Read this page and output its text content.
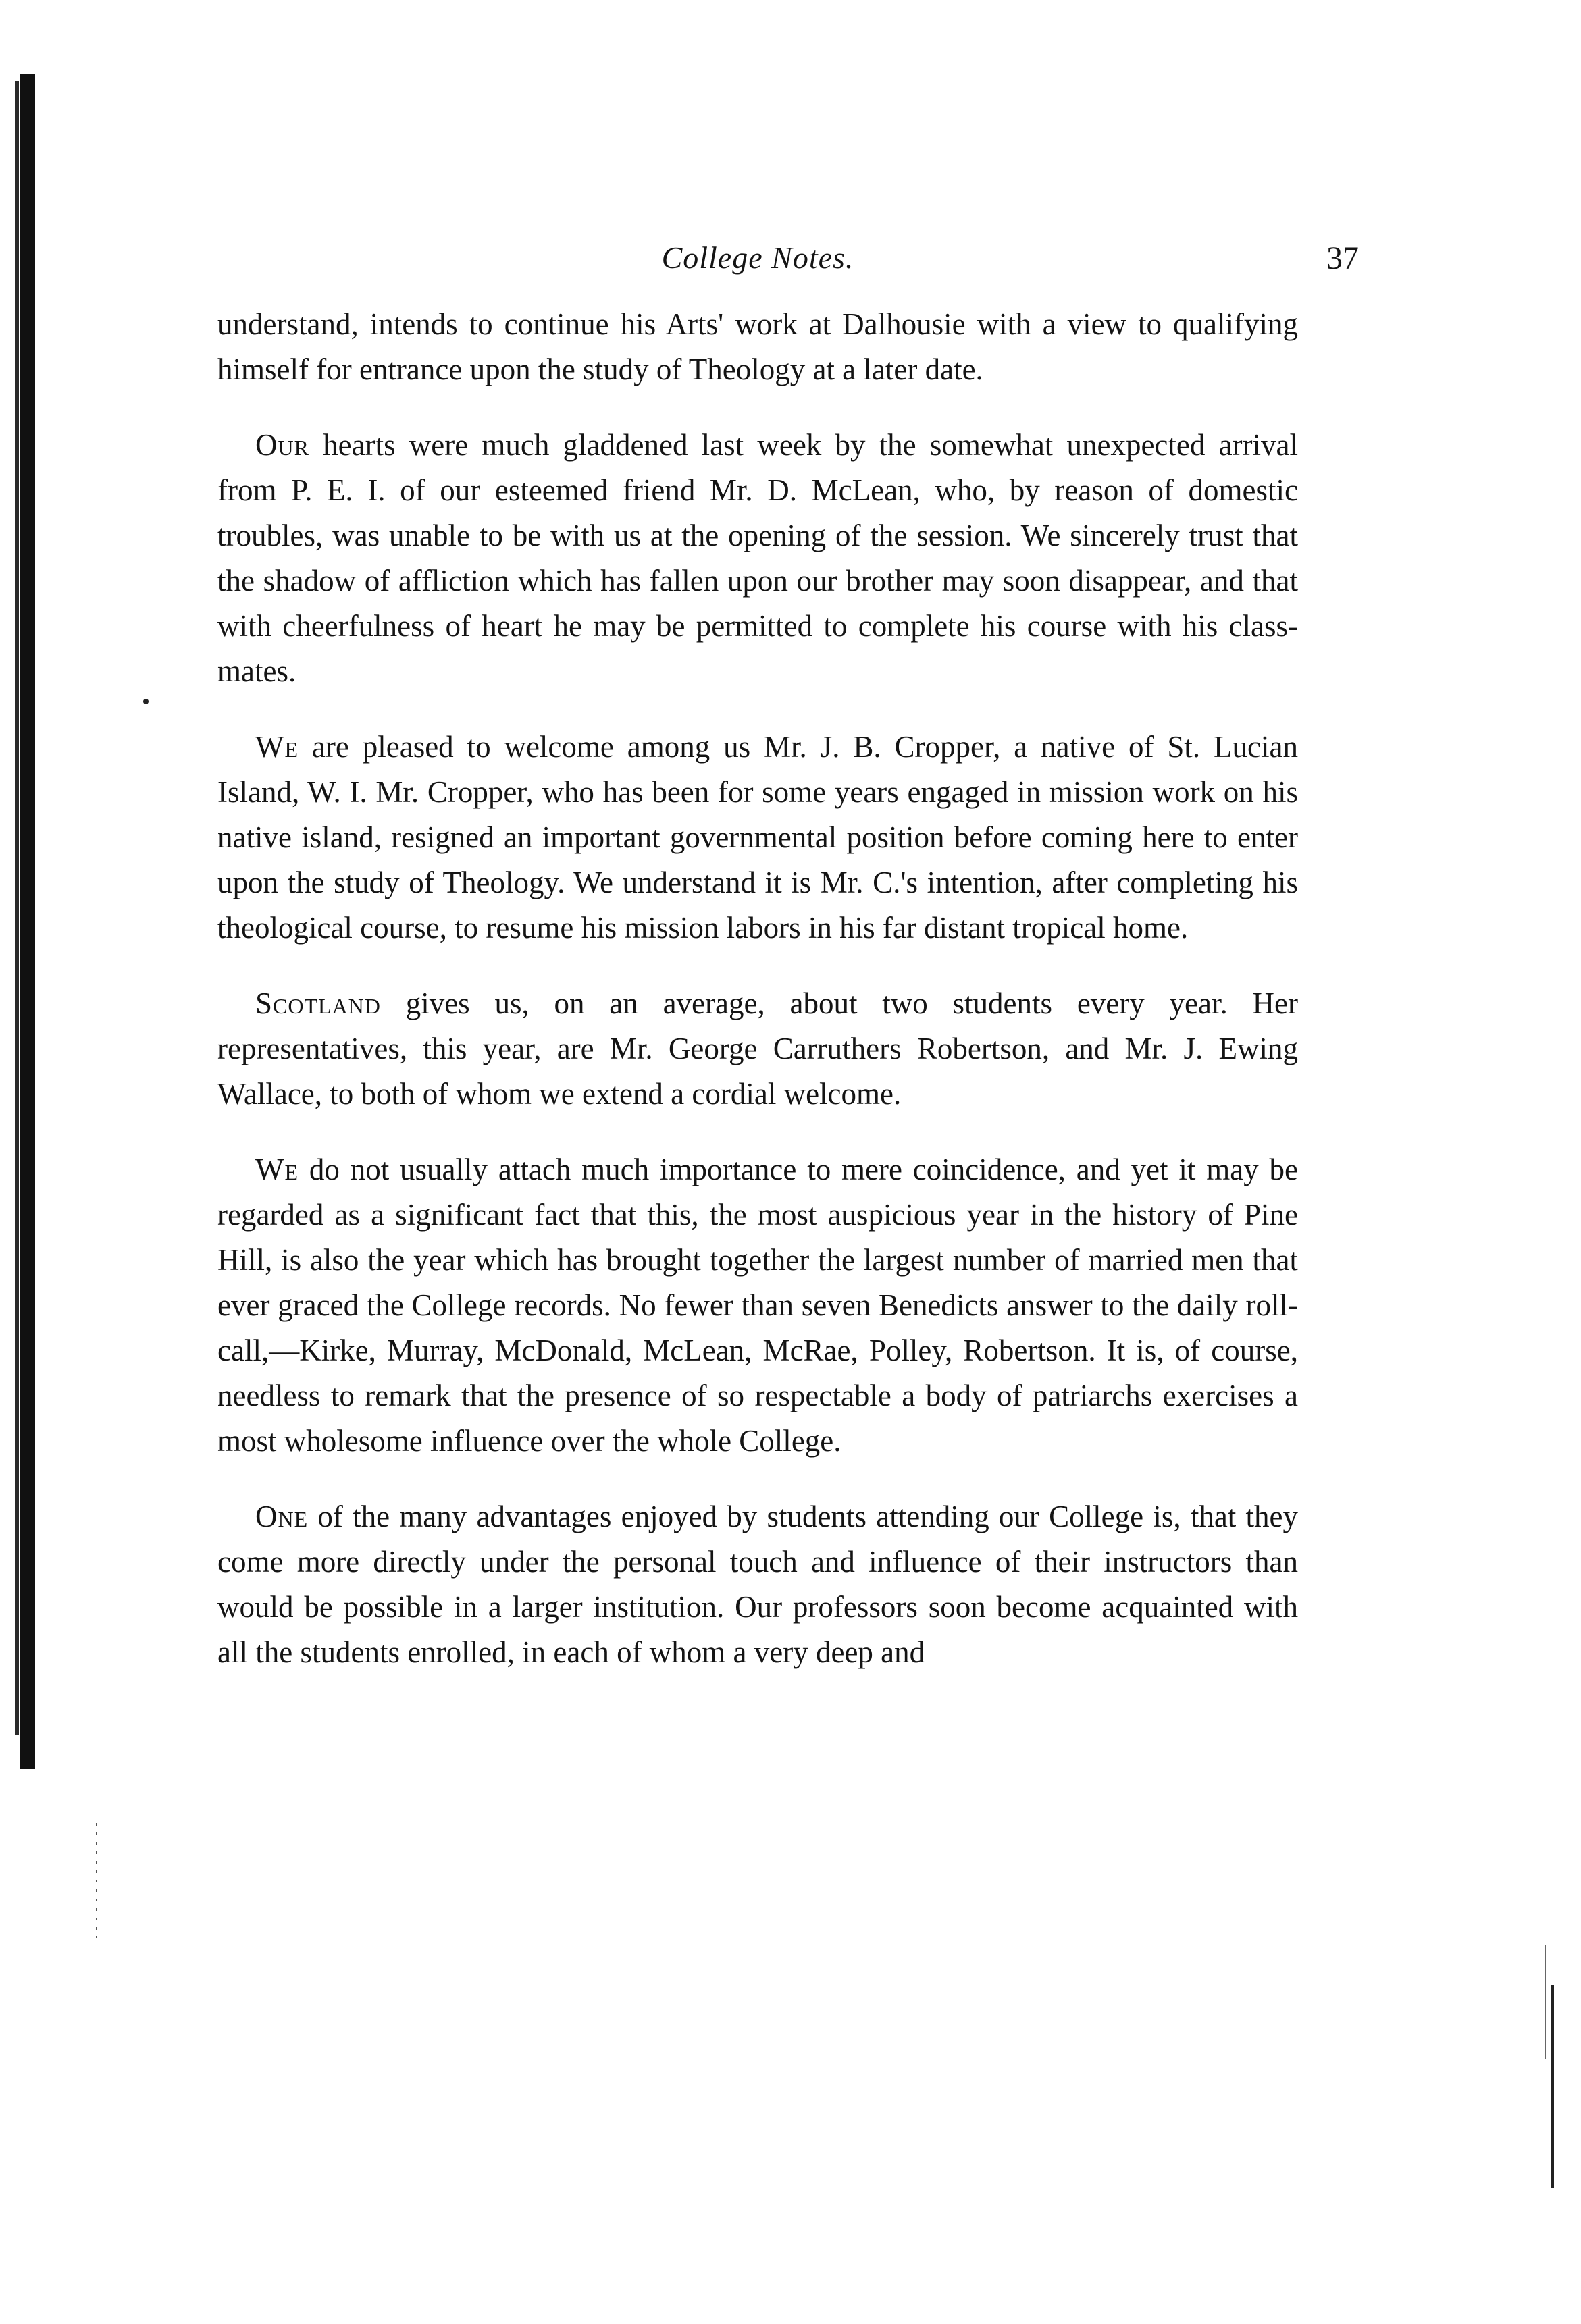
College Notes.	37

understand, intends to continue his Arts' work at Dalhousie with a view to qualifying himself for entrance upon the study of Theology at a later date.

Our hearts were much gladdened last week by the somewhat unexpected arrival from P. E. I. of our esteemed friend Mr. D. McLean, who, by reason of domestic troubles, was unable to be with us at the opening of the session. We sincerely trust that the shadow of affliction which has fallen upon our brother may soon disappear, and that with cheerfulness of heart he may be permitted to complete his course with his class-mates.

We are pleased to welcome among us Mr. J. B. Cropper, a native of St. Lucian Island, W. I. Mr. Cropper, who has been for some years engaged in mission work on his native island, resigned an important governmental position before coming here to enter upon the study of Theology. We understand it is Mr. C.'s intention, after completing his theological course, to resume his mission labors in his far distant tropical home.

Scotland gives us, on an average, about two students every year. Her representatives, this year, are Mr. George Carruthers Robertson, and Mr. J. Ewing Wallace, to both of whom we extend a cordial welcome.

We do not usually attach much importance to mere coincidence, and yet it may be regarded as a significant fact that this, the most auspicious year in the history of Pine Hill, is also the year which has brought together the largest number of married men that ever graced the College records. No fewer than seven Benedicts answer to the daily roll-call,—Kirke, Murray, McDonald, McLean, McRae, Polley, Robertson. It is, of course, needless to remark that the presence of so respectable a body of patriarchs exercises a most wholesome influence over the whole College.

One of the many advantages enjoyed by students attending our College is, that they come more directly under the personal touch and influence of their instructors than would be possible in a larger institution. Our professors soon become acquainted with all the students enrolled, in each of whom a very deep and
